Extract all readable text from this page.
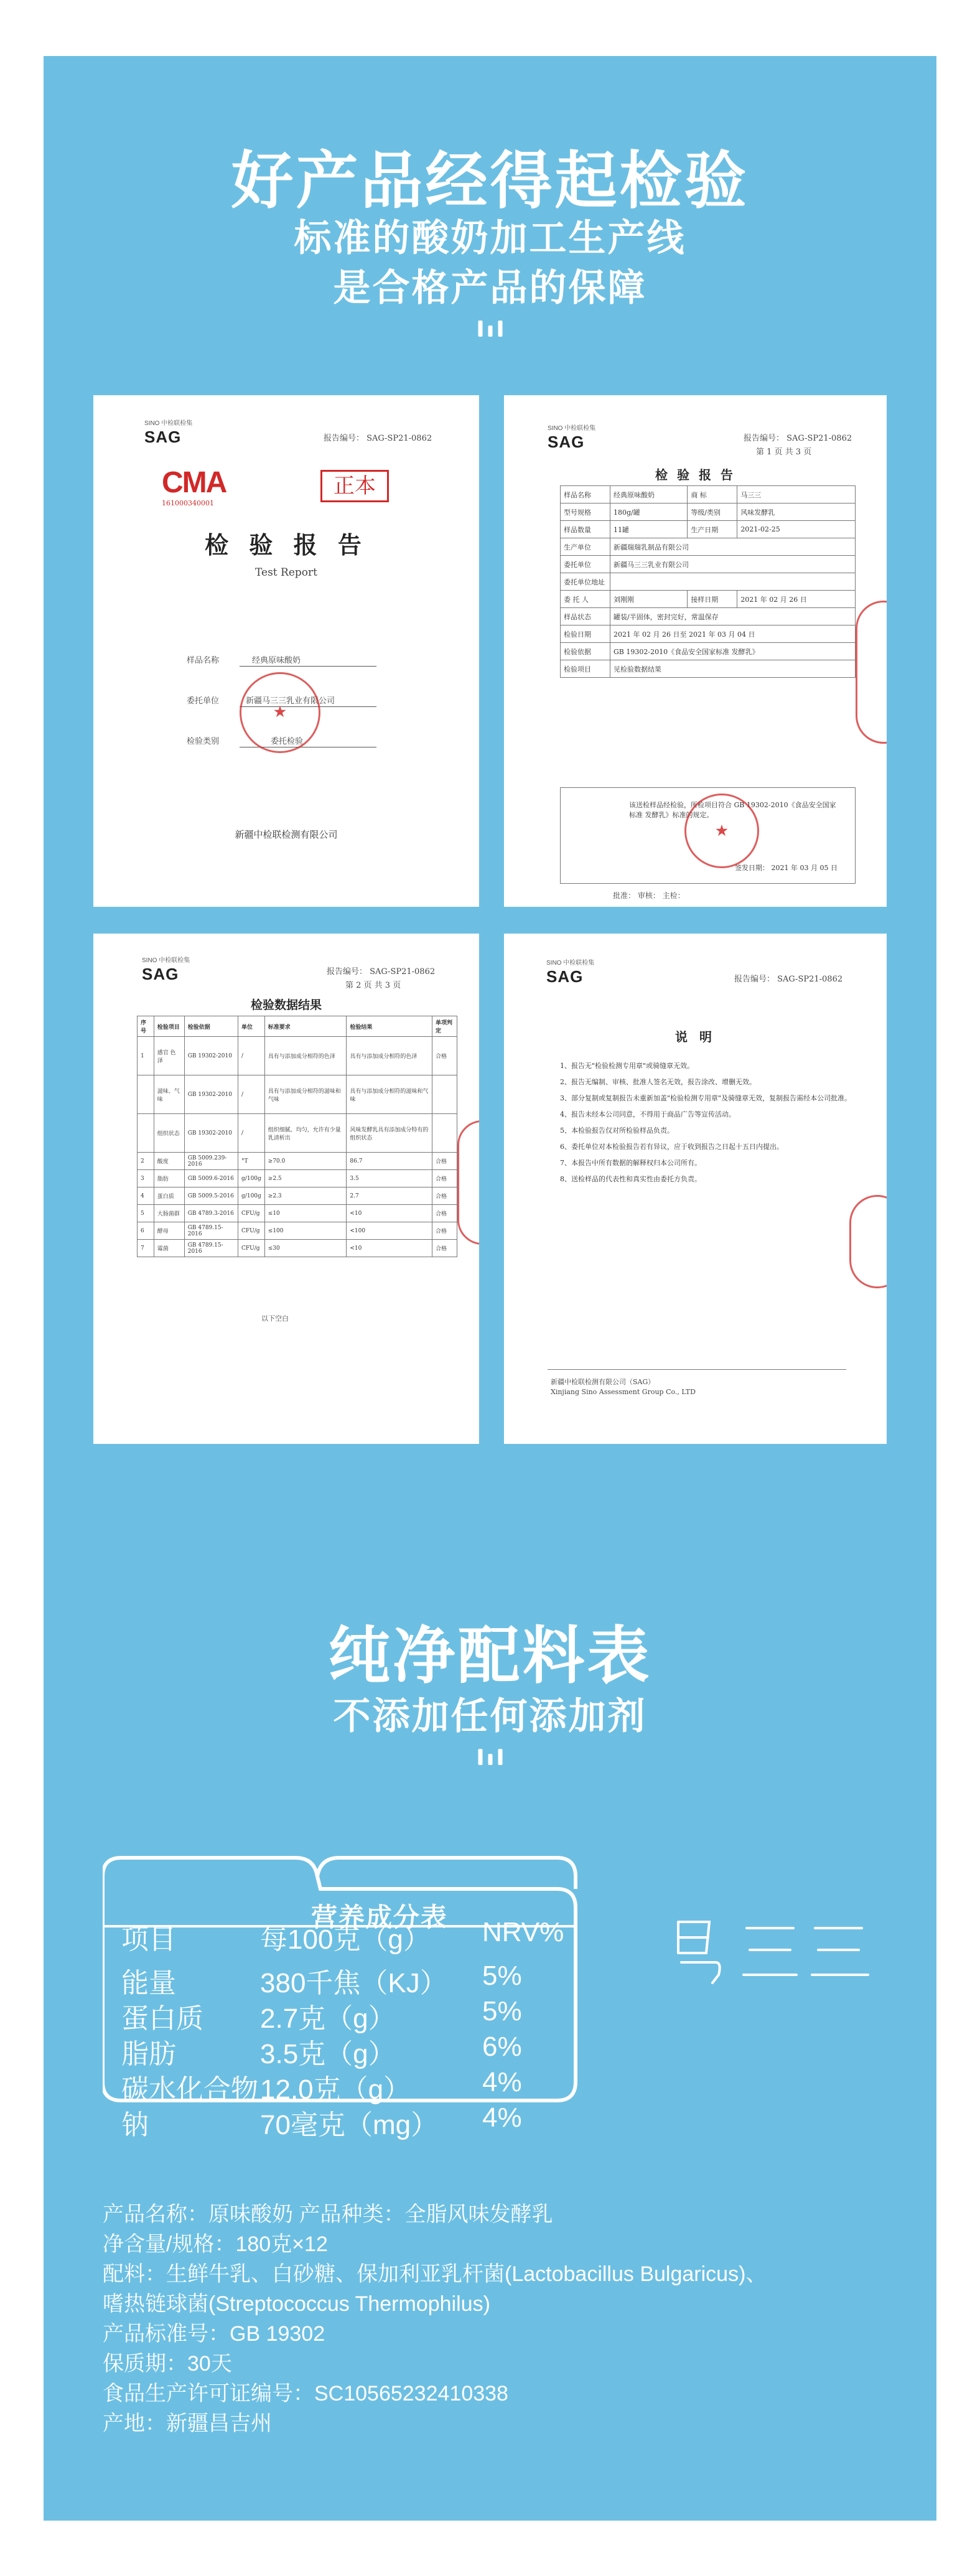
好产品经得起检验
标准的酸奶加工生产线
是合格产品的保障
SINO 中检联检集
SAG	报告编号： SAG-SP21-0862
CMA
161000340001
正本
检 验 报 告
Test Report
样品名称	经典原味酸奶
委托单位	新疆马三三乳业有限公司
检验类别	委托检验
★
新疆中检联检测有限公司
SINO 中检联检集
SAG	报告编号： SAG-SP21-0862
第 1 页 共 3 页
检 验 报 告
样品名称	经典原味酸奶	商 标	马三三
型号规格	180g/罐	等级/类别	风味发酵乳
样品数量	11罐	生产日期	2021-02-25
生产单位	新疆瑞瑞乳制品有限公司		
委托单位	新疆马三三乳业有限公司		
委托单位地址			
委 托 人	刘刚刚	接样日期	2021 年 02 月 26 日
样品状态	罐装/半固体，密封完好，常温保存		
检验日期	2021 年 02 月 26 日至 2021 年 03 月 04 日		
检验依据	GB 19302-2010《食品安全国家标准 发酵乳》		
检验项目	见检验数据结果		
该送检样品经检验，所检项目符合 GB 19302-2010《食品安全国家标准 发酵乳》标准的规定。
签发日期： 2021 年 03 月 05 日
★
批准： 审核： 主检：
SINO 中检联检集
SAG	报告编号： SAG-SP21-0862
第 2 页 共 3 页
检验数据结果
序号	检验项目	检验依据	单位	标准要求	检验结果	单项判定
1	感官 色泽	GB 19302-2010	/	具有与添加成分相符的色泽	具有与添加成分相符的色泽	合格
	滋味、气味	GB 19302-2010	/	具有与添加成分相符的滋味和气味	具有与添加成分相符的滋味和气味	
	组织状态	GB 19302-2010	/	组织细腻、均匀，允许有少量乳清析出	风味发酵乳具有添加成分特有的组织状态	
2	酸度	GB 5009.239-2016	°T	≥70.0	86.7	合格
3	脂肪	GB 5009.6-2016	g/100g	≥2.5	3.5	合格
4	蛋白质	GB 5009.5-2016	g/100g	≥2.3	2.7	合格
5	大肠菌群	GB 4789.3-2016	CFU/g	≤10	<10	合格
6	酵母	GB 4789.15-2016	CFU/g	≤100	<100	合格
7	霉菌	GB 4789.15-2016	CFU/g	≤30	<10	合格
以下空白
SINO 中检联检集
SAG	报告编号： SAG-SP21-0862
说 明
1、报告无"检验检测专用章"或骑缝章无效。
2、报告无编制、审核、批准人签名无效，报告涂改、增删无效。
3、部分复制或复制报告未重新加盖"检验检测专用章"及骑缝章无效，复制报告需经本公司批准。
4、报告未经本公司同意，不得用于商品广告等宣传活动。
5、本检验报告仅对所检验样品负责。
6、委托单位对本检验报告若有异议，应于收到报告之日起十五日内提出。
7、本报告中所有数据的解释权归本公司所有。
8、送检样品的代表性和真实性由委托方负责。
新疆中检联检测有限公司（SAG）
Xinjiang Sino Assessment Group Co., LTD
纯净配料表
不添加任何添加剂
营养成分表
项目	每100克（g） NRV%
能量	380千焦（KJ） 5%
蛋白质 2.7克（g）	5%
脂肪	3.5克（g）	6%
碳水化合物 12.0克（g）	4%
钠	70毫克（mg） 4%
产品名称：原味酸奶 产品种类：全脂风味发酵乳
净含量/规格：180克×12
配料：生鲜牛乳、白砂糖、保加利亚乳杆菌(Lactobacillus Bulgaricus)、
嗜热链球菌(Streptococcus Thermophilus)
产品标准号：GB 19302
保质期：30天
食品生产许可证编号：SC10565232410338
产地：新疆昌吉州
